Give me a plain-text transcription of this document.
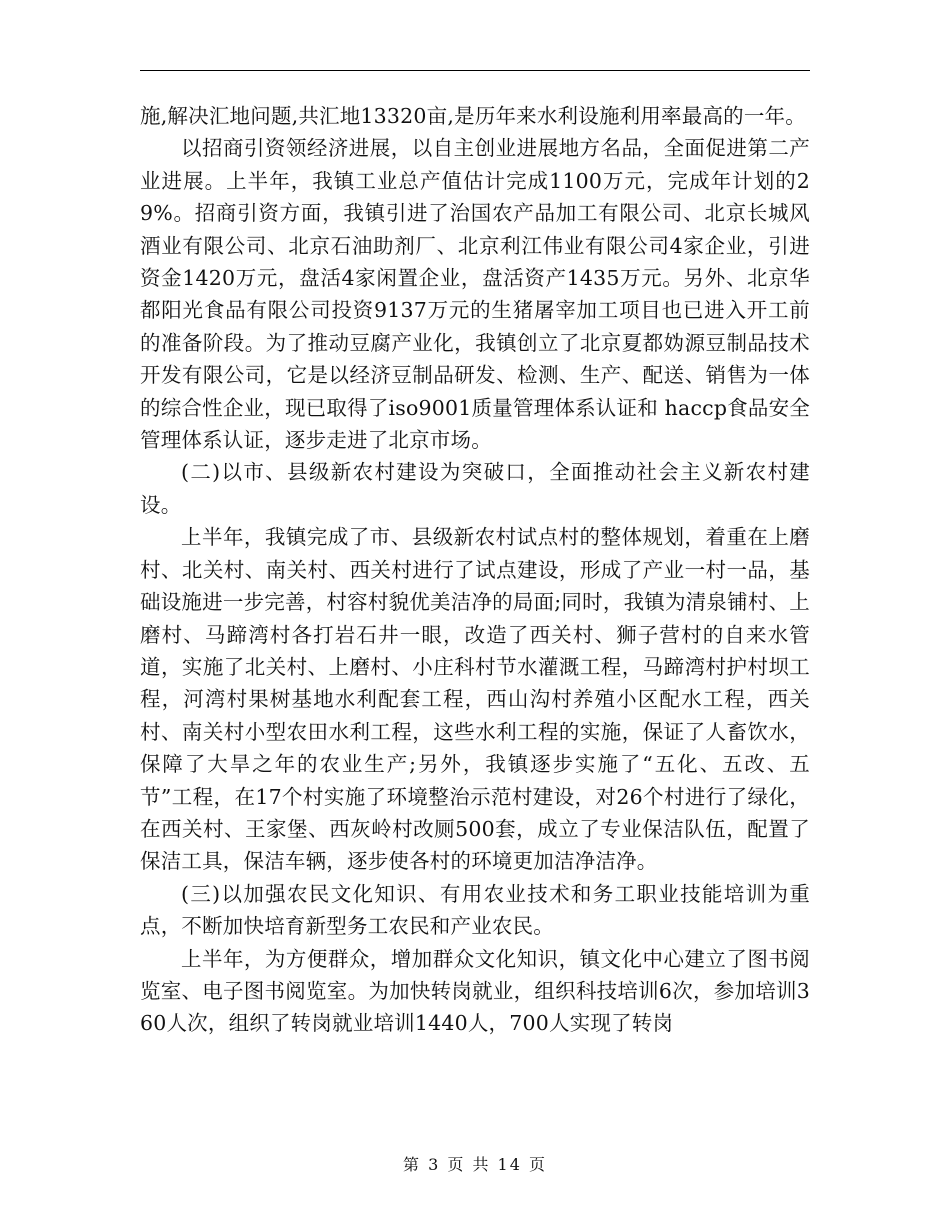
施,解决汇地问题,共汇地13320亩,是历年来水利设施利用率最高的一年。

以招商引资领经济进展，以自主创业进展地方名品，全面促进第二产业进展。上半年，我镇工业总产值估计完成1100万元，完成年计划的29%。招商引资方面，我镇引进了治国农产品加工有限公司、北京长城风酒业有限公司、北京石油助剂厂、北京利江伟业有限公司4家企业，引进资金1420万元，盘活4家闲置企业，盘活资产1435万元。另外、北京华都阳光食品有限公司投资9137万元的生猪屠宰加工项目也已进入开工前的准备阶段。为了推动豆腐产业化，我镇创立了北京夏都妫源豆制品技术开发有限公司，它是以经济豆制品研发、检测、生产、配送、销售为一体的综合性企业，现已取得了iso9001质量管理体系认证和 haccp食品安全管理体系认证，逐步走进了北京市场。

(二)以市、县级新农村建设为突破口，全面推动社会主义新农村建设。

上半年，我镇完成了市、县级新农村试点村的整体规划，着重在上磨村、北关村、南关村、西关村进行了试点建设，形成了产业一村一品，基础设施进一步完善，村容村貌优美洁净的局面;同时，我镇为清泉铺村、上磨村、马蹄湾村各打岩石井一眼，改造了西关村、狮子营村的自来水管道，实施了北关村、上磨村、小庄科村节水灌溉工程，马蹄湾村护村坝工程，河湾村果树基地水利配套工程，西山沟村养殖小区配水工程，西关村、南关村小型农田水利工程，这些水利工程的实施，保证了人畜饮水，保障了大旱之年的农业生产;另外，我镇逐步实施了“五化、五改、五节”工程，在17个村实施了环境整治示范村建设，对26个村进行了绿化，在西关村、王家堡、西灰岭村改厕500套，成立了专业保洁队伍，配置了保洁工具，保洁车辆，逐步使各村的环境更加洁净洁净。

(三)以加强农民文化知识、有用农业技术和务工职业技能培训为重点，不断加快培育新型务工农民和产业农民。

上半年，为方便群众，增加群众文化知识，镇文化中心建立了图书阅览室、电子图书阅览室。为加快转岗就业，组织科技培训6次，参加培训360人次，组织了转岗就业培训1440人，700人实现了转岗

第 3 页 共 14 页
